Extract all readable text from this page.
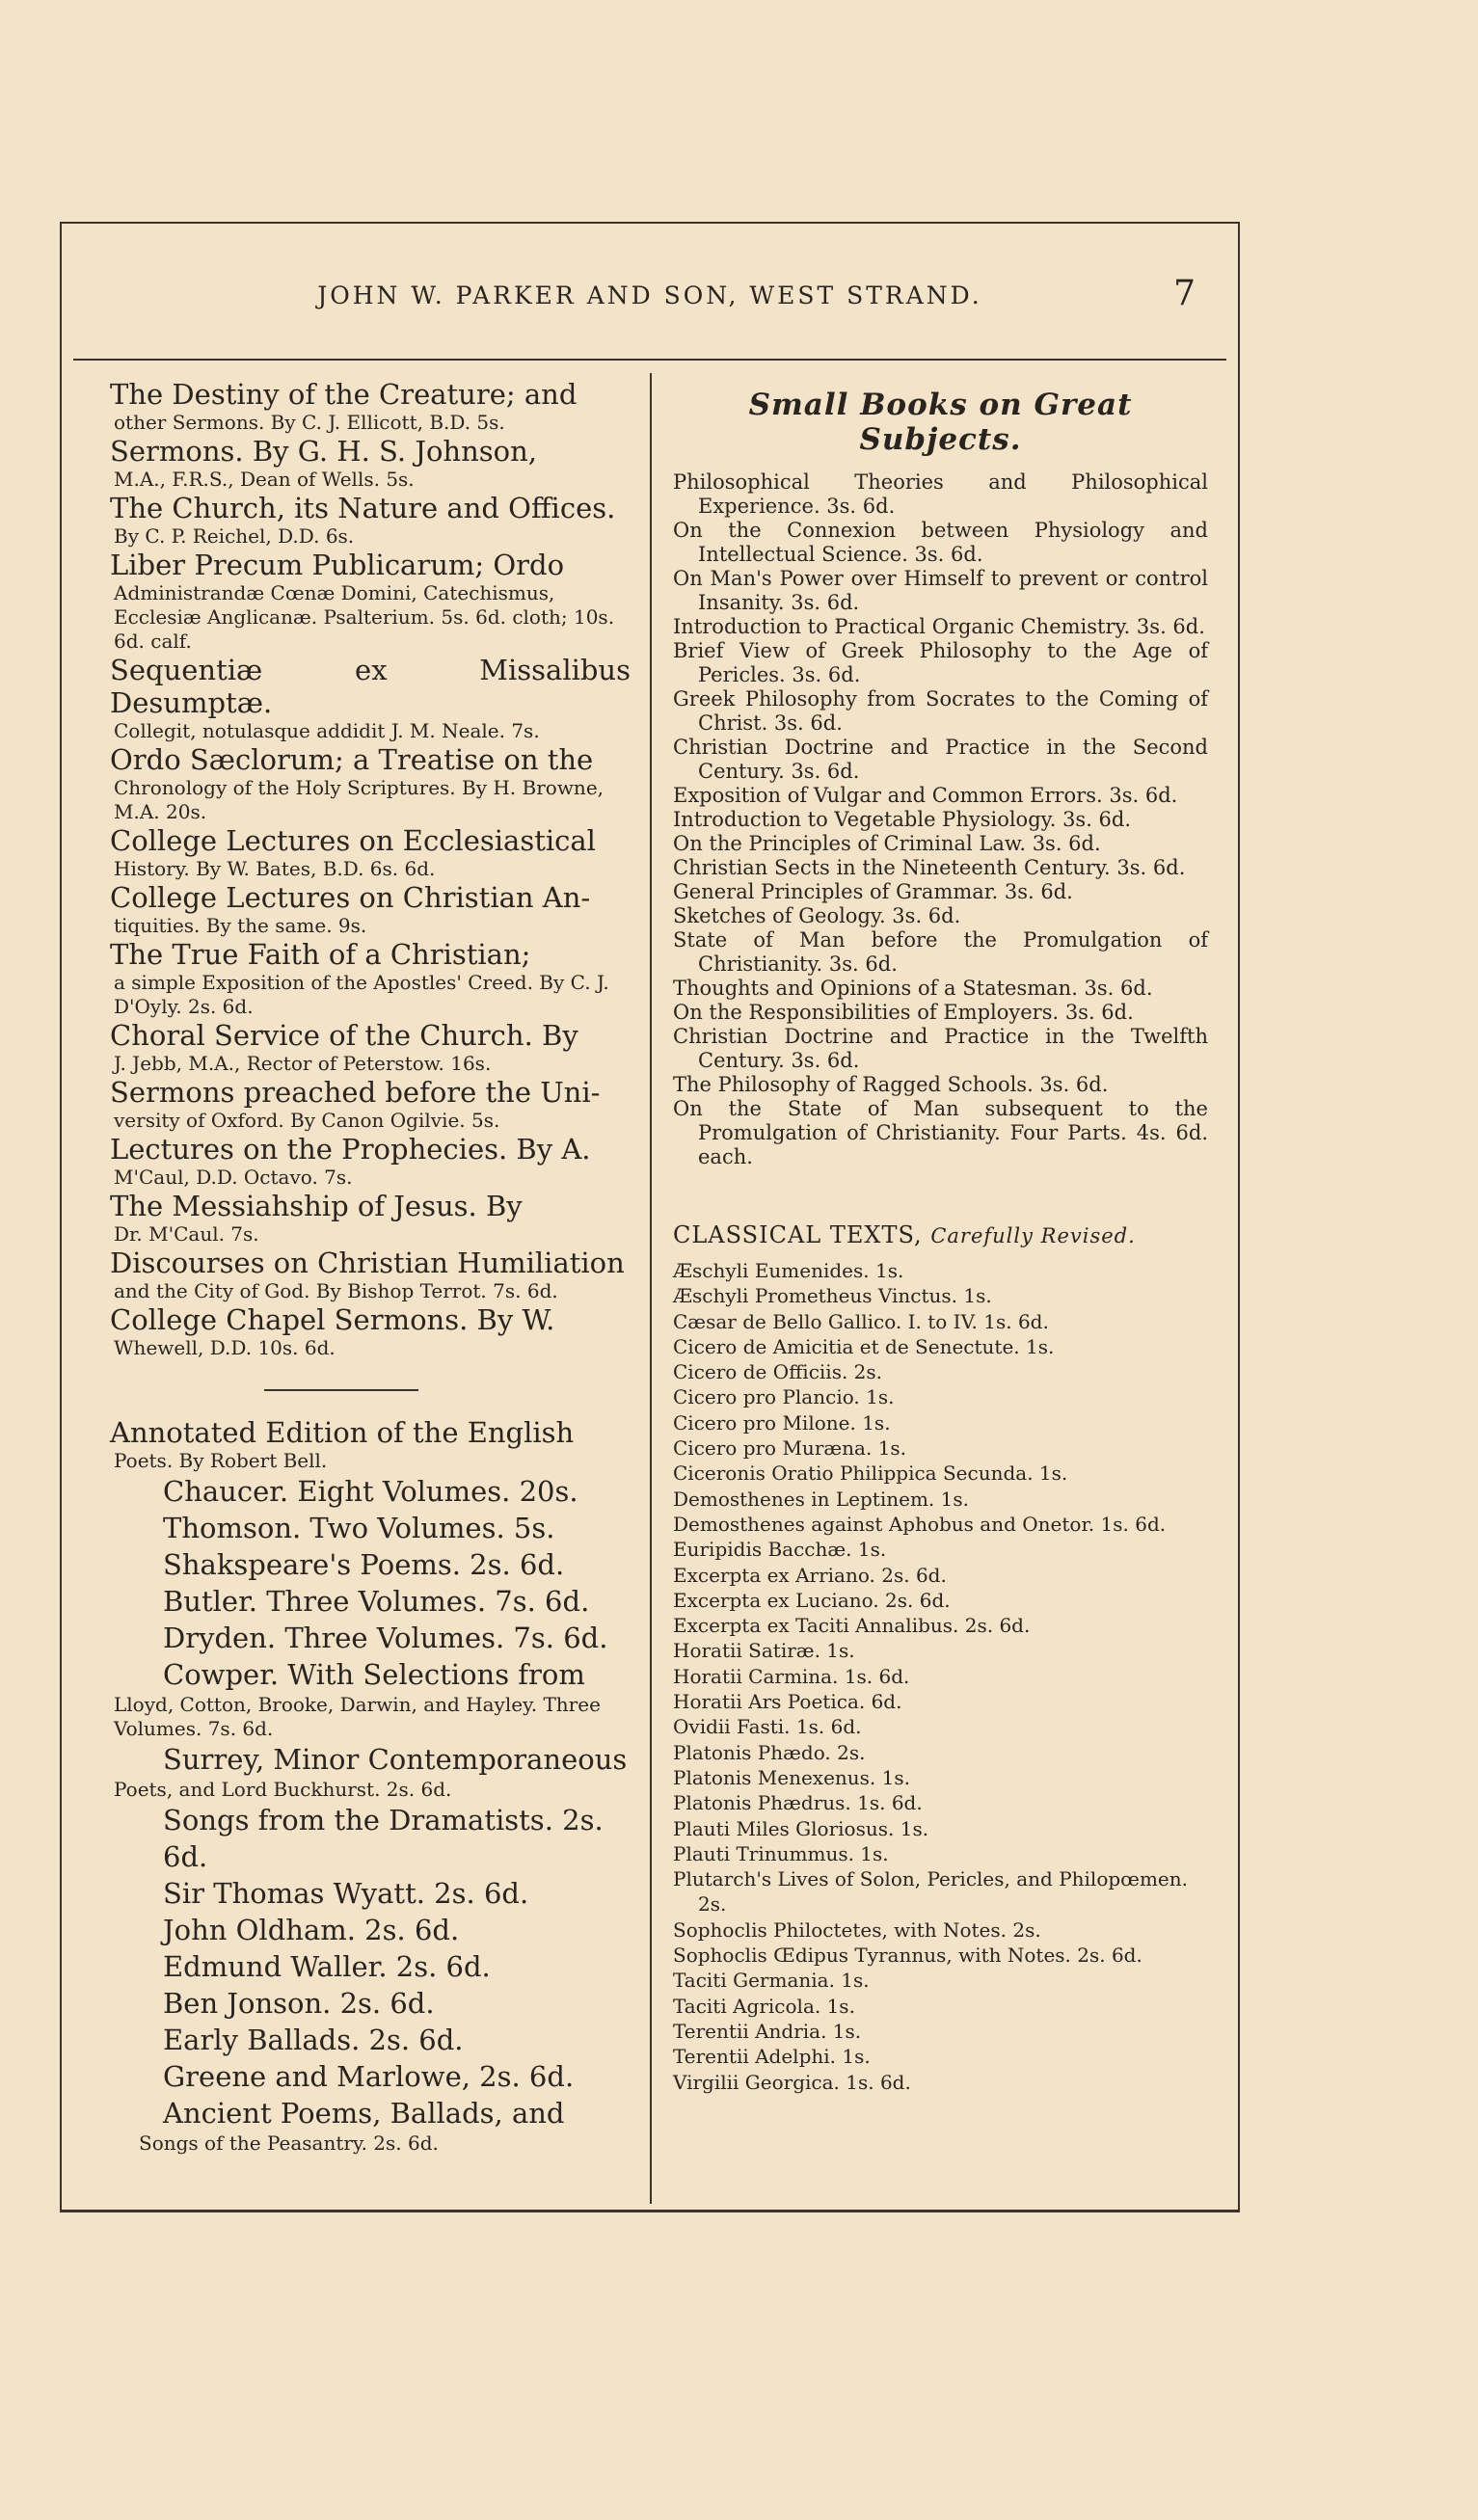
JOHN W. PARKER AND SON, WEST STRAND.	7
The Destiny of the Creature; and
other Sermons. By C. J. Ellicott, B.D. 5s.
Sermons. By G. H. S. Johnson,
M.A., F.R.S., Dean of Wells. 5s.
The Church, its Nature and Offices.
By C. P. Reichel, D.D. 6s.
Liber Precum Publicarum; Ordo
Administrandæ Cœnæ Domini, Catechismus, Ecclesiæ Anglicanæ. Psalterium. 5s. 6d. cloth; 10s. 6d. calf.
Sequentiæ ex Missalibus Desumptæ.
Collegit, notulasque addidit J. M. Neale. 7s.
Ordo Sæclorum; a Treatise on the
Chronology of the Holy Scriptures. By H. Browne, M.A. 20s.
College Lectures on Ecclesiastical
History. By W. Bates, B.D. 6s. 6d.
College Lectures on Christian An-
tiquities. By the same. 9s.
The True Faith of a Christian;
a simple Exposition of the Apostles' Creed. By C. J. D'Oyly. 2s. 6d.
Choral Service of the Church. By
J. Jebb, M.A., Rector of Peterstow. 16s.
Sermons preached before the Uni-
versity of Oxford. By Canon Ogilvie. 5s.
Lectures on the Prophecies. By A.
M'Caul, D.D. Octavo. 7s.
The Messiahship of Jesus. By
Dr. M'Caul. 7s.
Discourses on Christian Humiliation
and the City of God. By Bishop Terrot. 7s. 6d.
College Chapel Sermons. By W.
Whewell, D.D. 10s. 6d.
Annotated Edition of the English
Poets. By Robert Bell.
Chaucer. Eight Volumes. 20s.
Thomson. Two Volumes. 5s.
Shakspeare's Poems. 2s. 6d.
Butler. Three Volumes. 7s. 6d.
Dryden. Three Volumes. 7s. 6d.
Cowper. With Selections from
Lloyd, Cotton, Brooke, Darwin, and Hayley. Three Volumes. 7s. 6d.
Surrey, Minor Contemporaneous
Poets, and Lord Buckhurst. 2s. 6d.
Songs from the Dramatists. 2s. 6d.
Sir Thomas Wyatt. 2s. 6d.
John Oldham. 2s. 6d.
Edmund Waller. 2s. 6d.
Ben Jonson. 2s. 6d.
Early Ballads. 2s. 6d.
Greene and Marlowe, 2s. 6d.
Ancient Poems, Ballads, and
Songs of the Peasantry. 2s. 6d.
Small Books on Great Subjects.
Philosophical Theories and Philosophical Experience. 3s. 6d.
On the Connexion between Physiology and Intellectual Science. 3s. 6d.
On Man's Power over Himself to prevent or control Insanity. 3s. 6d.
Introduction to Practical Organic Chemistry. 3s. 6d.
Brief View of Greek Philosophy to the Age of Pericles. 3s. 6d.
Greek Philosophy from Socrates to the Coming of Christ. 3s. 6d.
Christian Doctrine and Practice in the Second Century. 3s. 6d.
Exposition of Vulgar and Common Errors. 3s. 6d.
Introduction to Vegetable Physiology. 3s. 6d.
On the Principles of Criminal Law. 3s. 6d.
Christian Sects in the Nineteenth Century. 3s. 6d.
General Principles of Grammar. 3s. 6d.
Sketches of Geology. 3s. 6d.
State of Man before the Promulgation of Christianity. 3s. 6d.
Thoughts and Opinions of a Statesman. 3s. 6d.
On the Responsibilities of Employers. 3s. 6d.
Christian Doctrine and Practice in the Twelfth Century. 3s. 6d.
The Philosophy of Ragged Schools. 3s. 6d.
On the State of Man subsequent to the Promulgation of Christianity. Four Parts. 4s. 6d. each.
CLASSICAL TEXTS, Carefully Revised.
Æschyli Eumenides. 1s.
Æschyli Prometheus Vinctus. 1s.
Cæsar de Bello Gallico. I. to IV. 1s. 6d.
Cicero de Amicitia et de Senectute. 1s.
Cicero de Officiis. 2s.
Cicero pro Plancio. 1s.
Cicero pro Milone. 1s.
Cicero pro Muræna. 1s.
Ciceronis Oratio Philippica Secunda. 1s.
Demosthenes in Leptinem. 1s.
Demosthenes against Aphobus and Onetor. 1s. 6d.
Euripidis Bacchæ. 1s.
Excerpta ex Arriano. 2s. 6d.
Excerpta ex Luciano. 2s. 6d.
Excerpta ex Taciti Annalibus. 2s. 6d.
Horatii Satiræ. 1s.
Horatii Carmina. 1s. 6d.
Horatii Ars Poetica. 6d.
Ovidii Fasti. 1s. 6d.
Platonis Phædo. 2s.
Platonis Menexenus. 1s.
Platonis Phædrus. 1s. 6d.
Plauti Miles Gloriosus. 1s.
Plauti Trinummus. 1s.
Plutarch's Lives of Solon, Pericles, and Philopœmen. 2s.
Sophoclis Philoctetes, with Notes. 2s.
Sophoclis Œdipus Tyrannus, with Notes. 2s. 6d.
Taciti Germania. 1s.
Taciti Agricola. 1s.
Terentii Andria. 1s.
Terentii Adelphi. 1s.
Virgilii Georgica. 1s. 6d.
